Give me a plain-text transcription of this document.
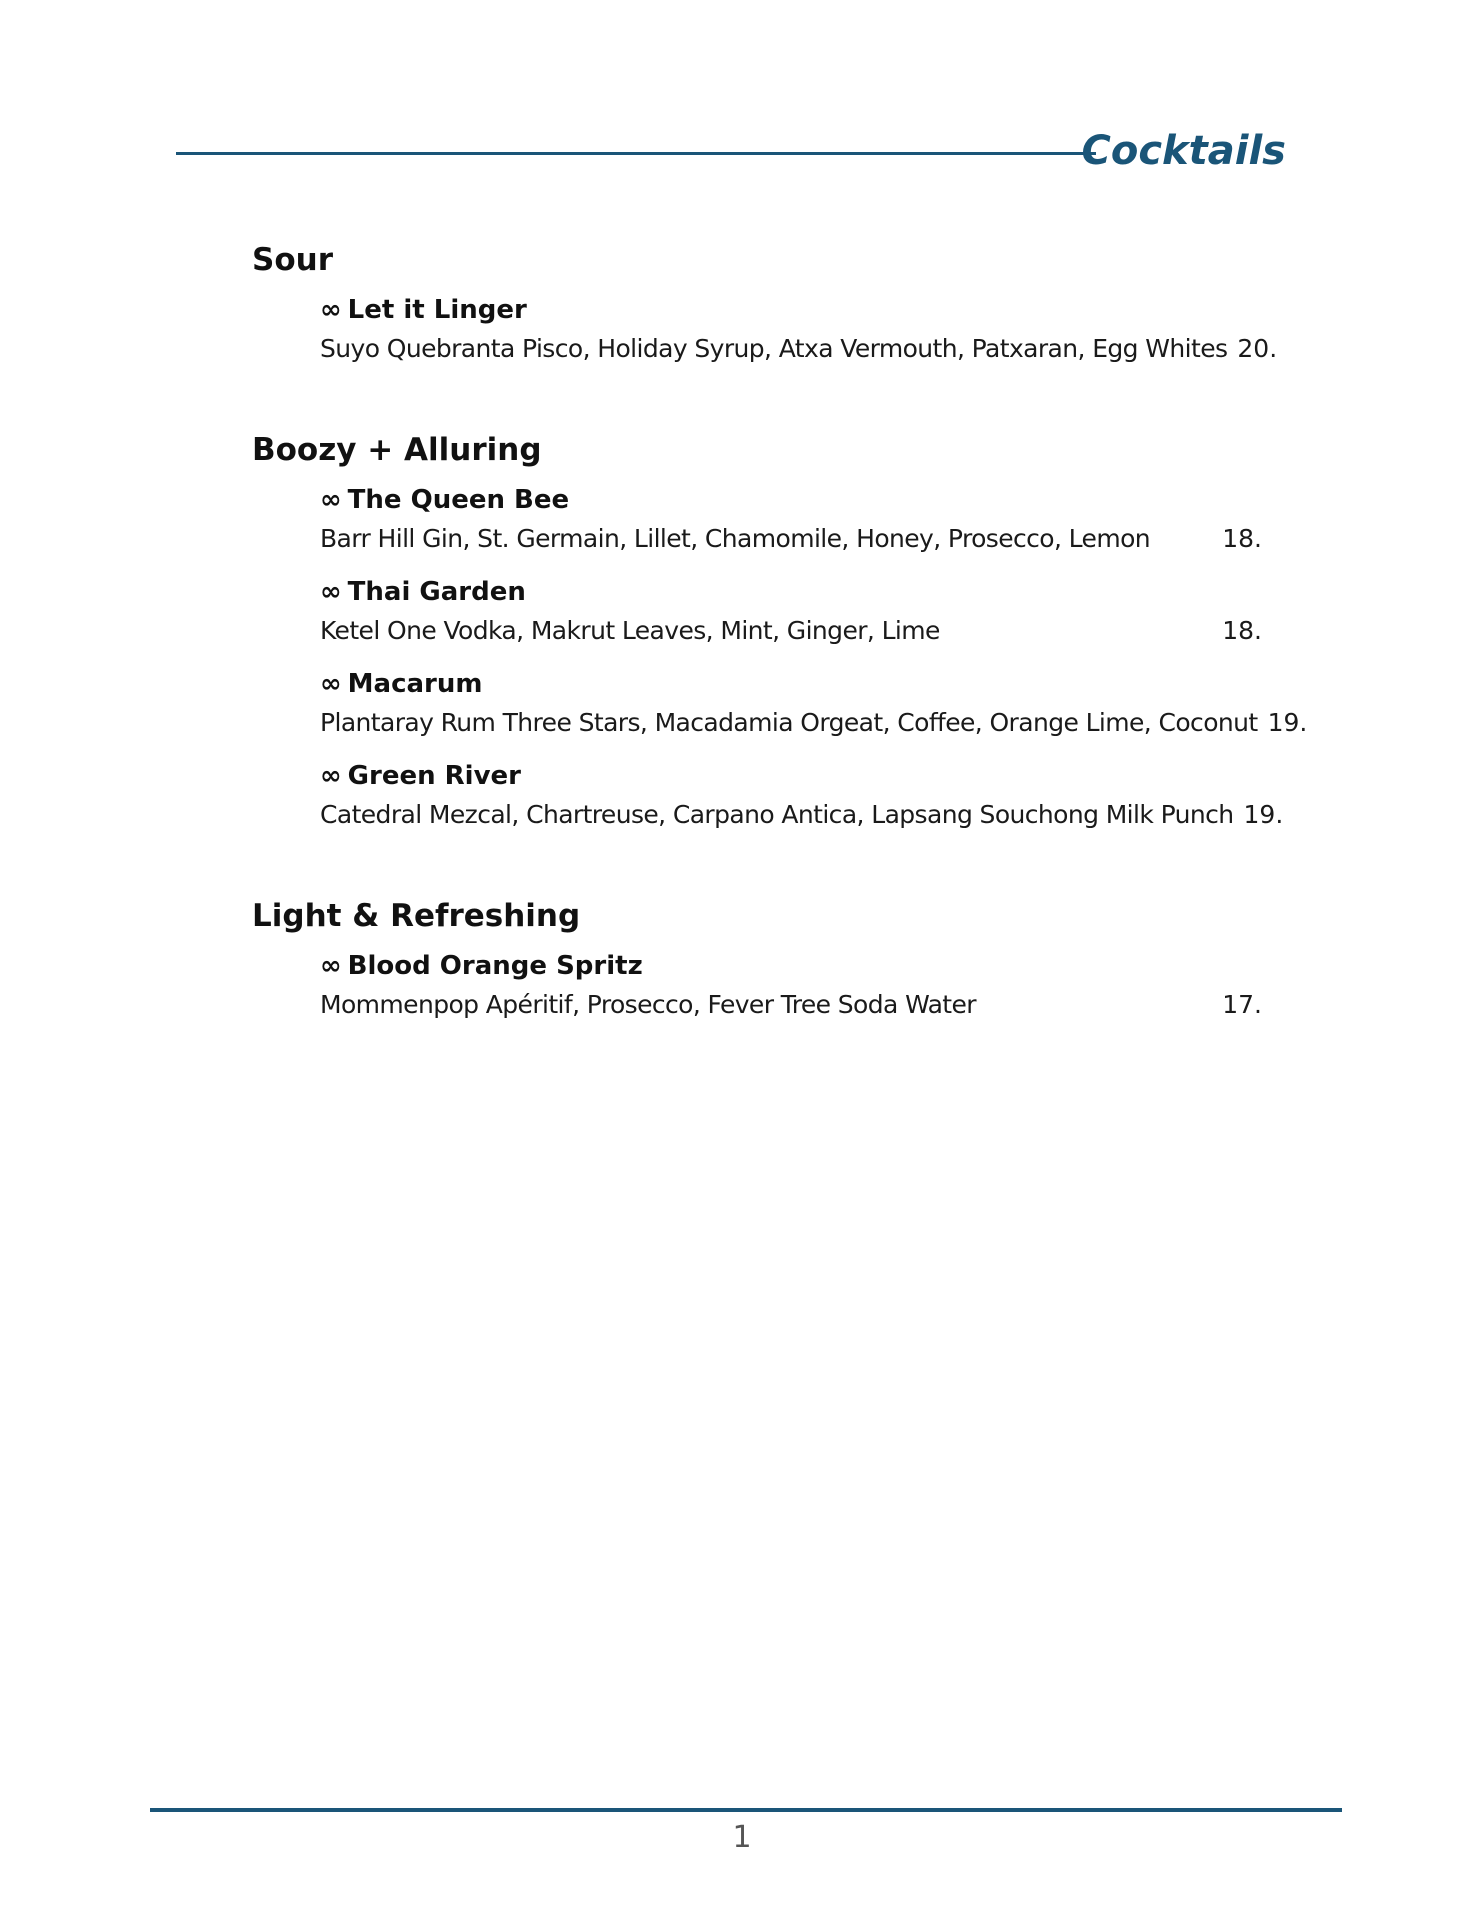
Cocktails
Sour
∞ Let it Linger
Suyo Quebranta Pisco, Holiday Syrup, Atxa Vermouth, Patxaran, Egg Whites 20.
Boozy + Alluring
∞ The Queen Bee
Barr Hill Gin, St. Germain, Lillet, Chamomile, Honey, Prosecco, Lemon	18.
∞ Thai Garden
Ketel One Vodka, Makrut Leaves, Mint, Ginger, Lime	18.
∞ Macarum
Plantaray Rum Three Stars, Macadamia Orgeat, Coffee, Orange Lime, Coconut 19.
∞ Green River
Catedral Mezcal, Chartreuse, Carpano Antica, Lapsang Souchong Milk Punch 19.
Light & Refreshing
∞ Blood Orange Spritz
Mommenpop Apéritif, Prosecco, Fever Tree Soda Water	17.
1
